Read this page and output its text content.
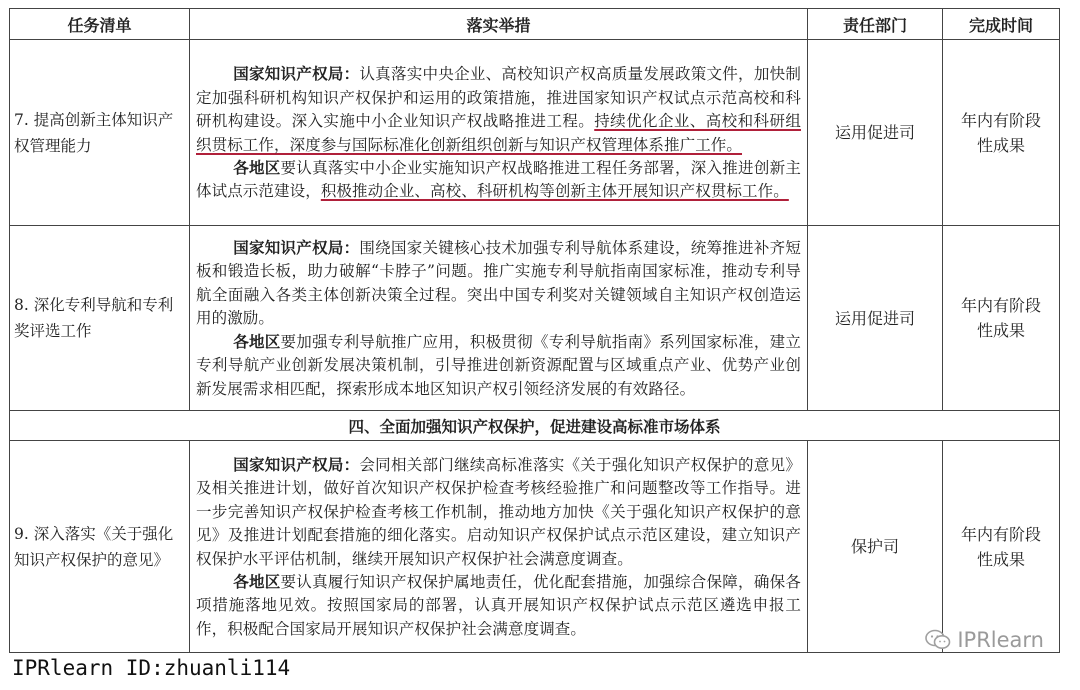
任务清单	落实举措	责任部门	完成时间
7. 提高创新主体知识产权管理能力	国家知识产权局：认真落实中央企业、高校知识产权高质量发展政策文件，加快制定加强科研机构知识产权保护和运用的政策措施，推进国家知识产权试点示范高校和科研机构建设。深入实施中小企业知识产权战略推进工程。持续优化企业、高校和科研组织贯标工作，深度参与国际标准化创新组织创新与知识产权管理体系推广工作。

各地区要认真落实中小企业实施知识产权战略推进工程任务部署，深入推进创新主体试点示范建设，积极推动企业、高校、科研机构等创新主体开展知识产权贯标工作。	运用促进司	年内有阶段性成果
8. 深化专利导航和专利奖评选工作	国家知识产权局：围绕国家关键核心技术加强专利导航体系建设，统筹推进补齐短板和锻造长板，助力破解“卡脖子”问题。推广实施专利导航指南国家标准，推动专利导航全面融入各类主体创新决策全过程。突出中国专利奖对关键领域自主知识产权创造运用的激励。

各地区要加强专利导航推广应用，积极贯彻《专利导航指南》系列国家标准，建立专利导航产业创新发展决策机制，引导推进创新资源配置与区域重点产业、优势产业创新发展需求相匹配，探索形成本地区知识产权引领经济发展的有效路径。	运用促进司	年内有阶段性成果
四、全面加强知识产权保护，促进建设高标准市场体系			
9. 深入落实《关于强化知识产权保护的意见》	国家知识产权局：会同相关部门继续高标准落实《关于强化知识产权保护的意见》及相关推进计划，做好首次知识产权保护检查考核经验推广和问题整改等工作指导。进一步完善知识产权保护检查考核工作机制，推动地方加快《关于强化知识产权保护的意见》及推进计划配套措施的细化落实。启动知识产权保护试点示范区建设，建立知识产权保护水平评估机制，继续开展知识产权保护社会满意度调查。

各地区要认真履行知识产权保护属地责任，优化配套措施，加强综合保障，确保各项措施落地见效。按照国家局的部署，认真开展知识产权保护试点示范区遴选申报工作，积极配合国家局开展知识产权保护社会满意度调查。	保护司	年内有阶段性成果
IPRlearn ID:zhuanli114
IPRlearn
